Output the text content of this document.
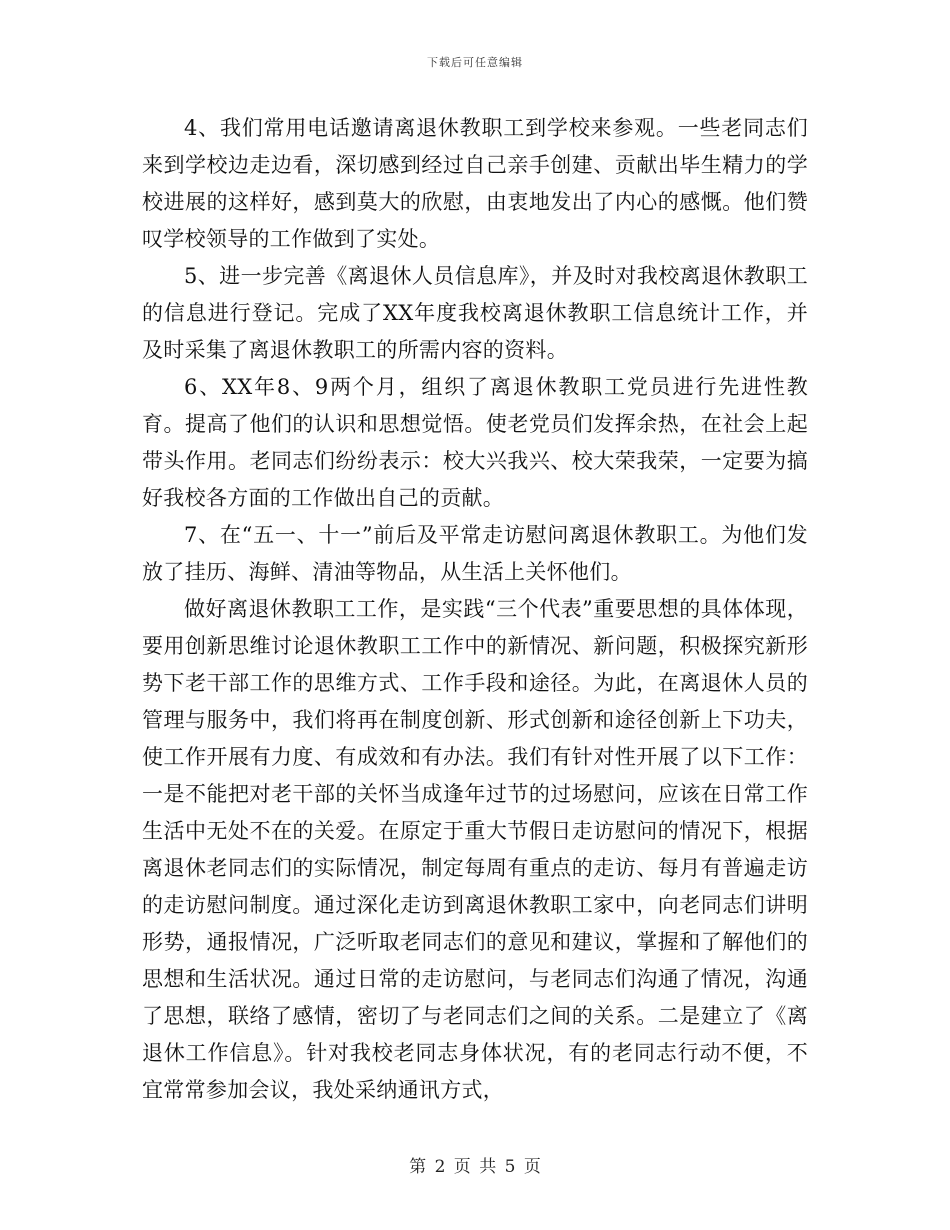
下载后可任意编辑

4、我们常用电话邀请离退休教职工到学校来参观。一些老同志们来到学校边走边看，深切感到经过自己亲手创建、贡献出毕生精力的学校进展的这样好，感到莫大的欣慰，由衷地发出了内心的感慨。他们赞叹学校领导的工作做到了实处。

5、进一步完善《离退休人员信息库》，并及时对我校离退休教职工的信息进行登记。完成了XX年度我校离退休教职工信息统计工作，并及时采集了离退休教职工的所需内容的资料。

6、XX年8、9两个月，组织了离退休教职工党员进行先进性教育。提高了他们的认识和思想觉悟。使老党员们发挥余热，在社会上起带头作用。老同志们纷纷表示：校大兴我兴、校大荣我荣，一定要为搞好我校各方面的工作做出自己的贡献。

7、在“五一、十一”前后及平常走访慰问离退休教职工。为他们发放了挂历、海鲜、清油等物品，从生活上关怀他们。

做好离退休教职工工作，是实践“三个代表”重要思想的具体体现，要用创新思维讨论退休教职工工作中的新情况、新问题，积极探究新形势下老干部工作的思维方式、工作手段和途径。为此，在离退休人员的管理与服务中，我们将再在制度创新、形式创新和途径创新上下功夫，使工作开展有力度、有成效和有办法。我们有针对性开展了以下工作：一是不能把对老干部的关怀当成逢年过节的过场慰问，应该在日常工作生活中无处不在的关爱。在原定于重大节假日走访慰问的情况下，根据离退休老同志们的实际情况，制定每周有重点的走访、每月有普遍走访的走访慰问制度。通过深化走访到离退休教职工家中，向老同志们讲明形势，通报情况，广泛听取老同志们的意见和建议，掌握和了解他们的思想和生活状况。通过日常的走访慰问，与老同志们沟通了情况，沟通了思想，联络了感情，密切了与老同志们之间的关系。二是建立了《离退休工作信息》。针对我校老同志身体状况，有的老同志行动不便，不宜常常参加会议，我处采纳通讯方式，

第 2 页 共 5 页
